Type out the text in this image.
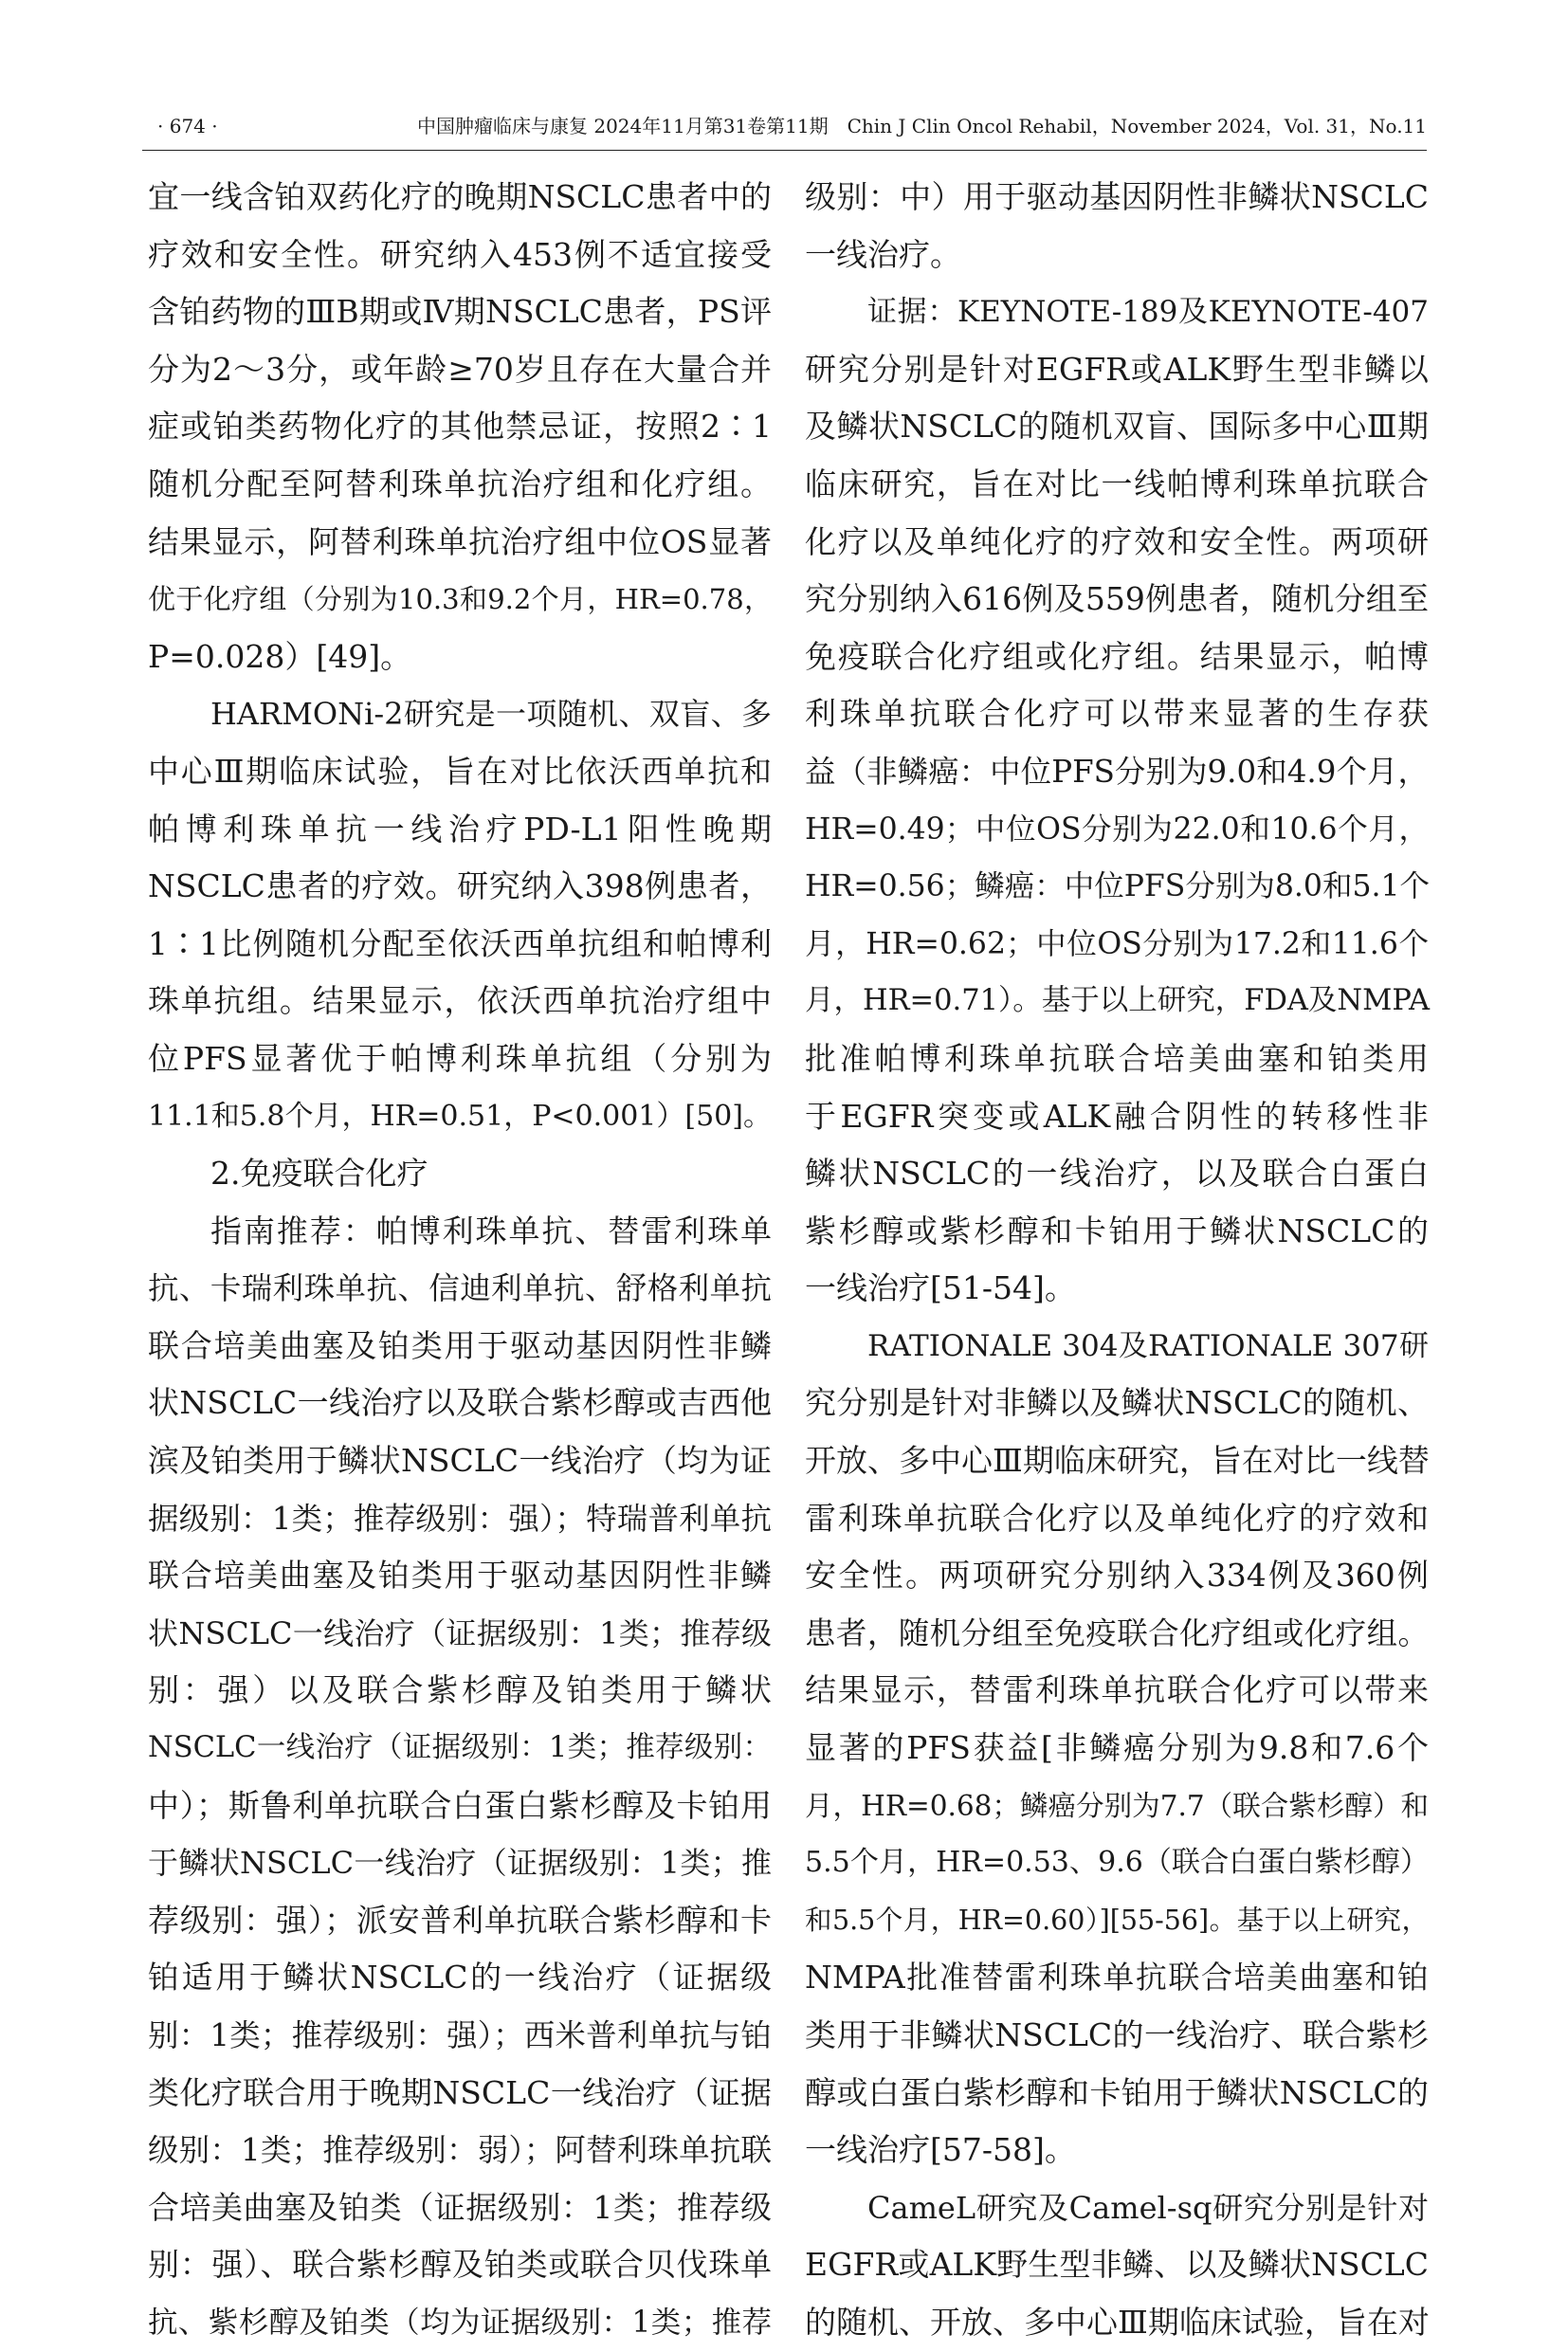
· 674 ·	中国肿瘤临床与康复 2024年11月第31卷第11期　Chin J Clin Oncol Rehabil，November 2024，Vol. 31，No.11
宜一线含铂双药化疗的晚期NSCLC患者中的
疗效和安全性。研究纳入453例不适宜接受
含铂药物的ⅢB期或Ⅳ期NSCLC患者，PS评
分为2～3分，或年龄≥70岁且存在大量合并
症或铂类药物化疗的其他禁忌证，按照2∶1
随机分配至阿替利珠单抗治疗组和化疗组。
结果显示，阿替利珠单抗治疗组中位OS显著
优于化疗组（分别为10.3和9.2个月，HR=0.78，
P=0.028）[49]。
HARMONi-2研究是一项随机、双盲、多
中心Ⅲ期临床试验，旨在对比依沃西单抗和
帕博利珠单抗一线治疗PD-L1阳性晚期
NSCLC患者的疗效。研究纳入398例患者，
1∶1比例随机分配至依沃西单抗组和帕博利
珠单抗组。结果显示，依沃西单抗治疗组中
位PFS显著优于帕博利珠单抗组（分别为
11.1和5.8个月，HR=0.51，P<0.001）[50]。
2.免疫联合化疗
指南推荐：帕博利珠单抗、替雷利珠单
抗、卡瑞利珠单抗、信迪利单抗、舒格利单抗
联合培美曲塞及铂类用于驱动基因阴性非鳞
状NSCLC一线治疗以及联合紫杉醇或吉西他
滨及铂类用于鳞状NSCLC一线治疗（均为证
据级别：1类；推荐级别：强）；特瑞普利单抗
联合培美曲塞及铂类用于驱动基因阴性非鳞
状NSCLC一线治疗（证据级别：1类；推荐级
别：强）以及联合紫杉醇及铂类用于鳞状
NSCLC一线治疗（证据级别：1类；推荐级别：
中）；斯鲁利单抗联合白蛋白紫杉醇及卡铂用
于鳞状NSCLC一线治疗（证据级别：1类；推
荐级别：强）；派安普利单抗联合紫杉醇和卡
铂适用于鳞状NSCLC的一线治疗（证据级
别：1类；推荐级别：强）；西米普利单抗与铂
类化疗联合用于晚期NSCLC一线治疗（证据
级别：1类；推荐级别：弱）；阿替利珠单抗联
合培美曲塞及铂类（证据级别：1类；推荐级
别：强）、联合紫杉醇及铂类或联合贝伐珠单
抗、紫杉醇及铂类（均为证据级别：1类；推荐
级别：中）用于驱动基因阴性非鳞状NSCLC
一线治疗。
证据：KEYNOTE-189及KEYNOTE-407
研究分别是针对EGFR或ALK野生型非鳞以
及鳞状NSCLC的随机双盲、国际多中心Ⅲ期
临床研究，旨在对比一线帕博利珠单抗联合
化疗以及单纯化疗的疗效和安全性。两项研
究分别纳入616例及559例患者，随机分组至
免疫联合化疗组或化疗组。结果显示，帕博
利珠单抗联合化疗可以带来显著的生存获
益（非鳞癌：中位PFS分别为9.0和4.9个月，
HR=0.49；中位OS分别为22.0和10.6个月，
HR=0.56；鳞癌：中位PFS分别为8.0和5.1个
月，HR=0.62；中位OS分别为17.2和11.6个
月，HR=0.71）。基于以上研究，FDA及NMPA
批准帕博利珠单抗联合培美曲塞和铂类用
于EGFR突变或ALK融合阴性的转移性非
鳞状NSCLC的一线治疗，以及联合白蛋白
紫杉醇或紫杉醇和卡铂用于鳞状NSCLC的
一线治疗[51-54]。
RATIONALE 304及RATIONALE 307研
究分别是针对非鳞以及鳞状NSCLC的随机、
开放、多中心Ⅲ期临床研究，旨在对比一线替
雷利珠单抗联合化疗以及单纯化疗的疗效和
安全性。两项研究分别纳入334例及360例
患者，随机分组至免疫联合化疗组或化疗组。
结果显示，替雷利珠单抗联合化疗可以带来
显著的PFS获益[非鳞癌分别为9.8和7.6个
月，HR=0.68；鳞癌分别为7.7（联合紫杉醇）和
5.5个月，HR=0.53、9.6（联合白蛋白紫杉醇）
和5.5个月，HR=0.60）][55-56]。基于以上研究，
NMPA批准替雷利珠单抗联合培美曲塞和铂
类用于非鳞状NSCLC的一线治疗、联合紫杉
醇或白蛋白紫杉醇和卡铂用于鳞状NSCLC的
一线治疗[57-58]。
CameL研究及Camel-sq研究分别是针对
EGFR或ALK野生型非鳞、以及鳞状NSCLC
的随机、开放、多中心Ⅲ期临床试验，旨在对
